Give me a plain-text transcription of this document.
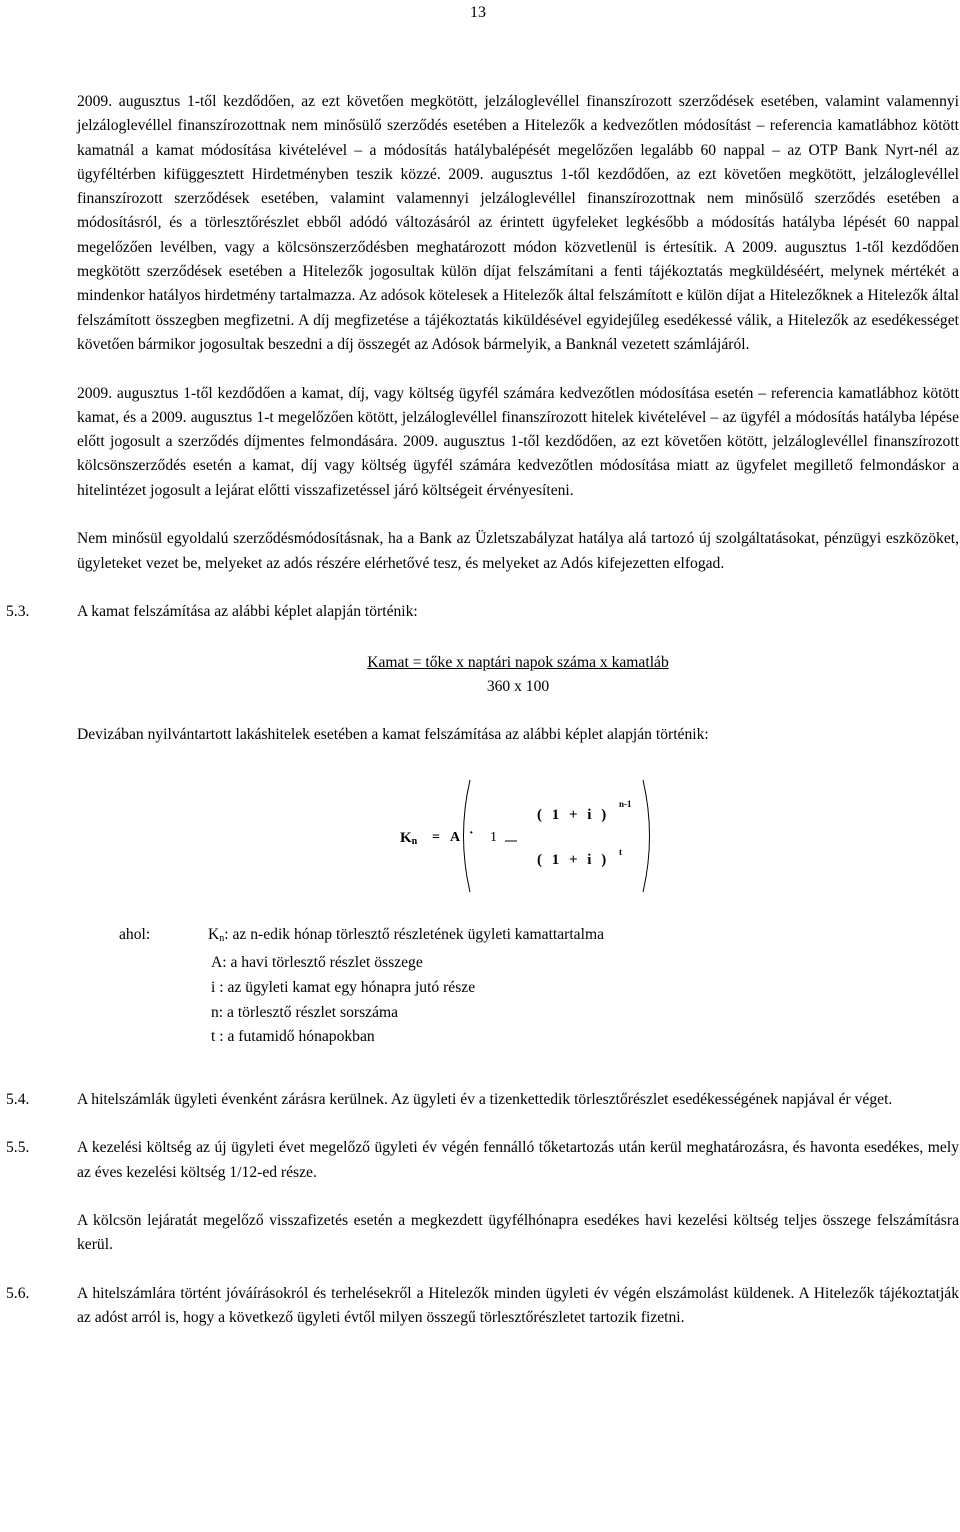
13

2009. augusztus 1-től kezdődően, az ezt követően megkötött, jelzáloglevéllel finanszírozott szerződések esetében, valamint valamennyi jelzáloglevéllel finanszírozottnak nem minősülő szerződés esetében a Hitelezők a kedvezőtlen módosítást – referencia kamatlábhoz kötött kamatnál a kamat módosítása kivételével – a módosítás hatálybalépését megelőzően legalább 60 nappal – az OTP Bank Nyrt-nél az ügyféltérben kifüggesztett Hirdetményben teszik közzé. 2009. augusztus 1-től kezdődően, az ezt követően megkötött, jelzáloglevéllel finanszírozott szerződések esetében, valamint valamennyi jelzáloglevéllel finanszírozottnak nem minősülő szerződés esetében a módosításról, és a törlesztőrészlet ebből adódó változásáról az érintett ügyfeleket legkésőbb a módosítás hatályba lépését 60 nappal megelőzően levélben, vagy a kölcsönszerződésben meghatározott módon közvetlenül is értesítik. A 2009. augusztus 1-től kezdődően megkötött szerződések esetében a Hitelezők jogosultak külön díjat felszámítani a fenti tájékoztatás megküldéséért, melynek mértékét a mindenkor hatályos hirdetmény tartalmazza. Az adósok kötelesek a Hitelezők által felszámított e külön díjat a Hitelezőknek a Hitelezők által felszámított összegben megfizetni. A díj megfizetése a tájékoztatás kiküldésével egyidejűleg esedékessé válik, a Hitelezők az esedékességet követően bármikor jogosultak beszedni a díj összegét az Adósok bármelyik, a Banknál vezetett számlájáról.

2009. augusztus 1-től kezdődően a kamat, díj, vagy költség ügyfél számára kedvezőtlen módosítása esetén – referencia kamatlábhoz kötött kamat, és a 2009. augusztus 1-t megelőzően kötött, jelzáloglevéllel finanszírozott hitelek kivételével – az ügyfél a módosítás hatályba lépése előtt jogosult a szerződés díjmentes felmondására. 2009. augusztus 1-től kezdődően, az ezt követően kötött, jelzáloglevéllel finanszírozott kölcsönszerződés esetén a kamat, díj vagy költség ügyfél számára kedvezőtlen módosítása miatt az ügyfelet megillető felmondáskor a hitelintézet jogosult a lejárat előtti visszafizetéssel járó költségeit érvényesíteni.

Nem minősül egyoldalú szerződésmódosításnak, ha a Bank az Üzletszabályzat hatálya alá tartozó új szolgáltatásokat, pénzügyi eszközöket, ügyleteket vezet be, melyeket az adós részére elérhetővé tesz, és melyeket az Adós kifejezetten elfogad.

5.3.	A kamat felszámítása az alábbi képlet alapján történik:
Kamat = tőke x naptári napok száma x kamatláb
360 x 100

Devizában nyilvántartott lakáshitelek esetében a kamat felszámítása az alábbi képlet alapján történik:

$K_n = A \cdot 1$
( 1 + i )
n-1
( 1 + i ) t
ahol:	$K_n$: az n-edik hónap törlesztő részletének ügyleti kamattartalma
A: a havi törlesztő részlet összege
i : az ügyleti kamat egy hónapra jutó része
n: a törlesztő részlet sorszáma
t : a futamidő hónapokban
5.4.	A hitelszámlák ügyleti évenként zárásra kerülnek. Az ügyleti év a tizenkettedik törlesztőrészlet esedékességének napjával ér véget.
5.5.	A kezelési költség az új ügyleti évet megelőző ügyleti év végén fennálló tőketartozás után kerül meghatározásra, és havonta esedékes, mely az éves kezelési költség 1/12-ed része.

A kölcsön lejáratát megelőző visszafizetés esetén a megkezdett ügyfélhónapra esedékes havi kezelési költség teljes összege felszámításra kerül.

5.6.	A hitelszámlára történt jóváírásokról és terhelésekről a Hitelezők minden ügyleti év végén elszámolást küldenek. A Hitelezők tájékoztatják az adóst arról is, hogy a következő ügyleti évtől milyen összegű törlesztőrészletet tartozik fizetni.
